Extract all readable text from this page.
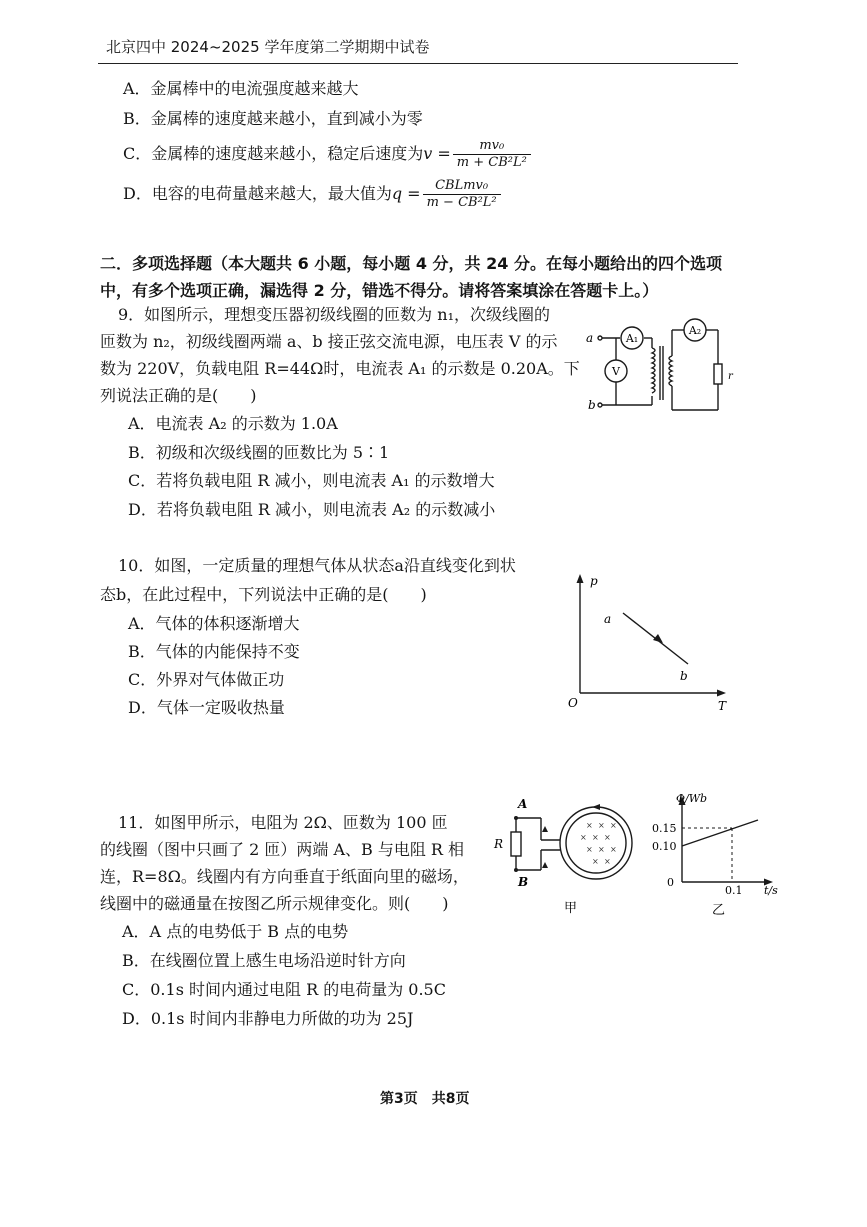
北京四中 2024~2025 学年度第二学期期中试卷
A．金属棒中的电流强度越来越大
B．金属棒的速度越来越小，直到减小为零
C．金属棒的速度越来越小，稳定后速度为$v = \frac{\text{mv₀}}{\text{m + CB²L²}}$
D．电容的电荷量越来越大，最大值为$q = \frac{\text{CBLmv₀}}{\text{m − CB²L²}}$
二．多项选择题（本大题共 6 小题，每小题 4 分，共 24 分。在每小题给出的四个选项
中，有多个选项正确，漏选得 2 分，错选不得分。请将答案填涂在答题卡上。）
9．如图所示，理想变压器初级线圈的匝数为 n₁，次级线圈的
匝数为 n₂，初级线圈两端 a、b 接正弦交流电源，电压表 V 的示
数为 220V，负载电阻 R=44Ω时，电流表 A₁ 的示数是 0.20A。下
列说法正确的是(　　)
A．电流表 A₂ 的示数为 1.0A
B．初级和次级线圈的匝数比为 5∶1
C．若将负载电阻 R 减小，则电流表 A₁ 的示数增大
D．若将负载电阻 R 减小，则电流表 A₂ 的示数减小
A₁
V
A₂
a
b
r
10．如图，一定质量的理想气体从状态a沿直线变化到状
态b，在此过程中，下列说法中正确的是(　　)
A．气体的体积逐渐增大
B．气体的内能保持不变
C．外界对气体做正功
D．气体一定吸收热量
p
T
O
a
b
11．如图甲所示，电阻为 2Ω、匝数为 100 匝
的线圈（图中只画了 2 匝）两端 A、B 与电阻 R 相
连，R=8Ω。线圈内有方向垂直于纸面向里的磁场，
线圈中的磁通量在按图乙所示规律变化。则(　　)
A．A 点的电势低于 B 点的电势
B．在线圈位置上感生电场沿逆时针方向
C．0.1s 时间内通过电阻 R 的电荷量为 0.5C
D．0.1s 时间内非静电力所做的功为 25J
× × ×
× × ×
× × ×
× ×
A
B
R
甲
Φ/Wb
0.15
0.10
0
0.1 t/s
乙
第3页　共8页
